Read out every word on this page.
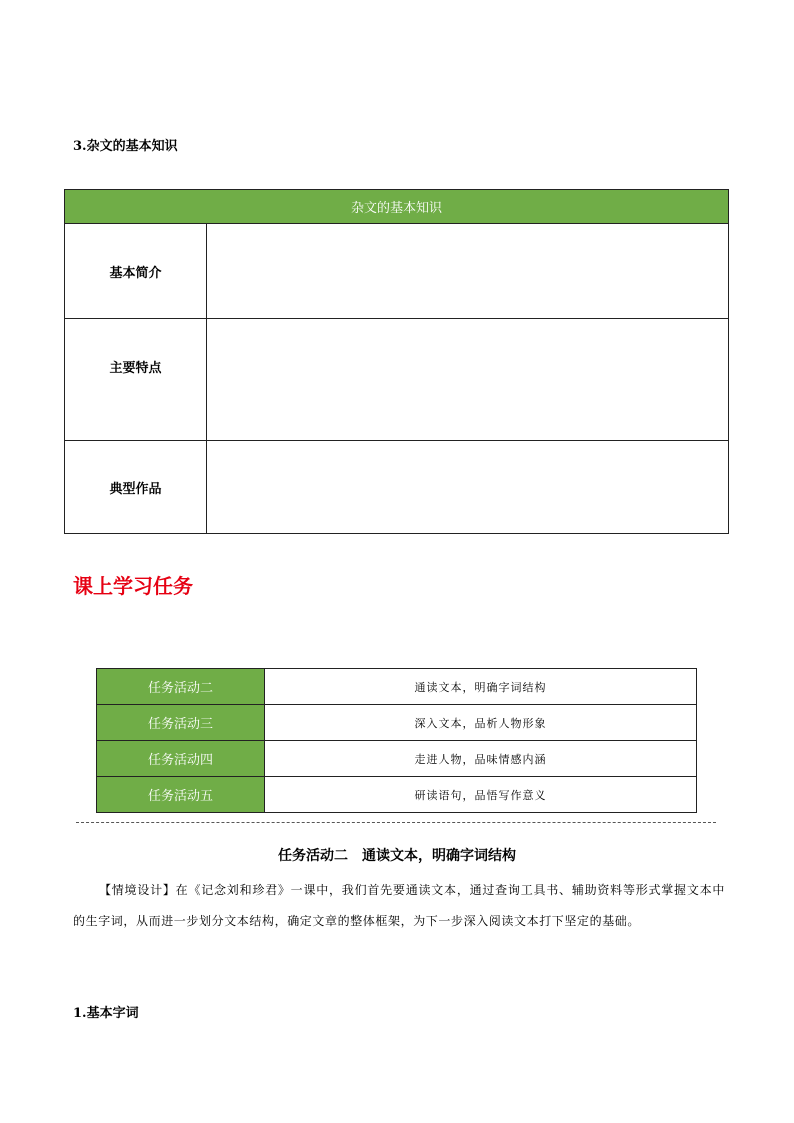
3.杂文的基本知识
杂文的基本知识	
基本简介	
主要特点	
典型作品	
课上学习任务
任务活动二	通读文本，明确字词结构
任务活动三	深入文本，品析人物形象
任务活动四	走进人物，品味情感内涵
任务活动五	研读语句，品悟写作意义
任务活动二　通读文本，明确字词结构
【情境设计】在《记念刘和珍君》一课中，我们首先要通读文本，通过查询工具书、辅助资料等形式掌握文本中的生字词，从而进一步划分文本结构，确定文章的整体框架，为下一步深入阅读文本打下坚定的基础。
1.基本字词
